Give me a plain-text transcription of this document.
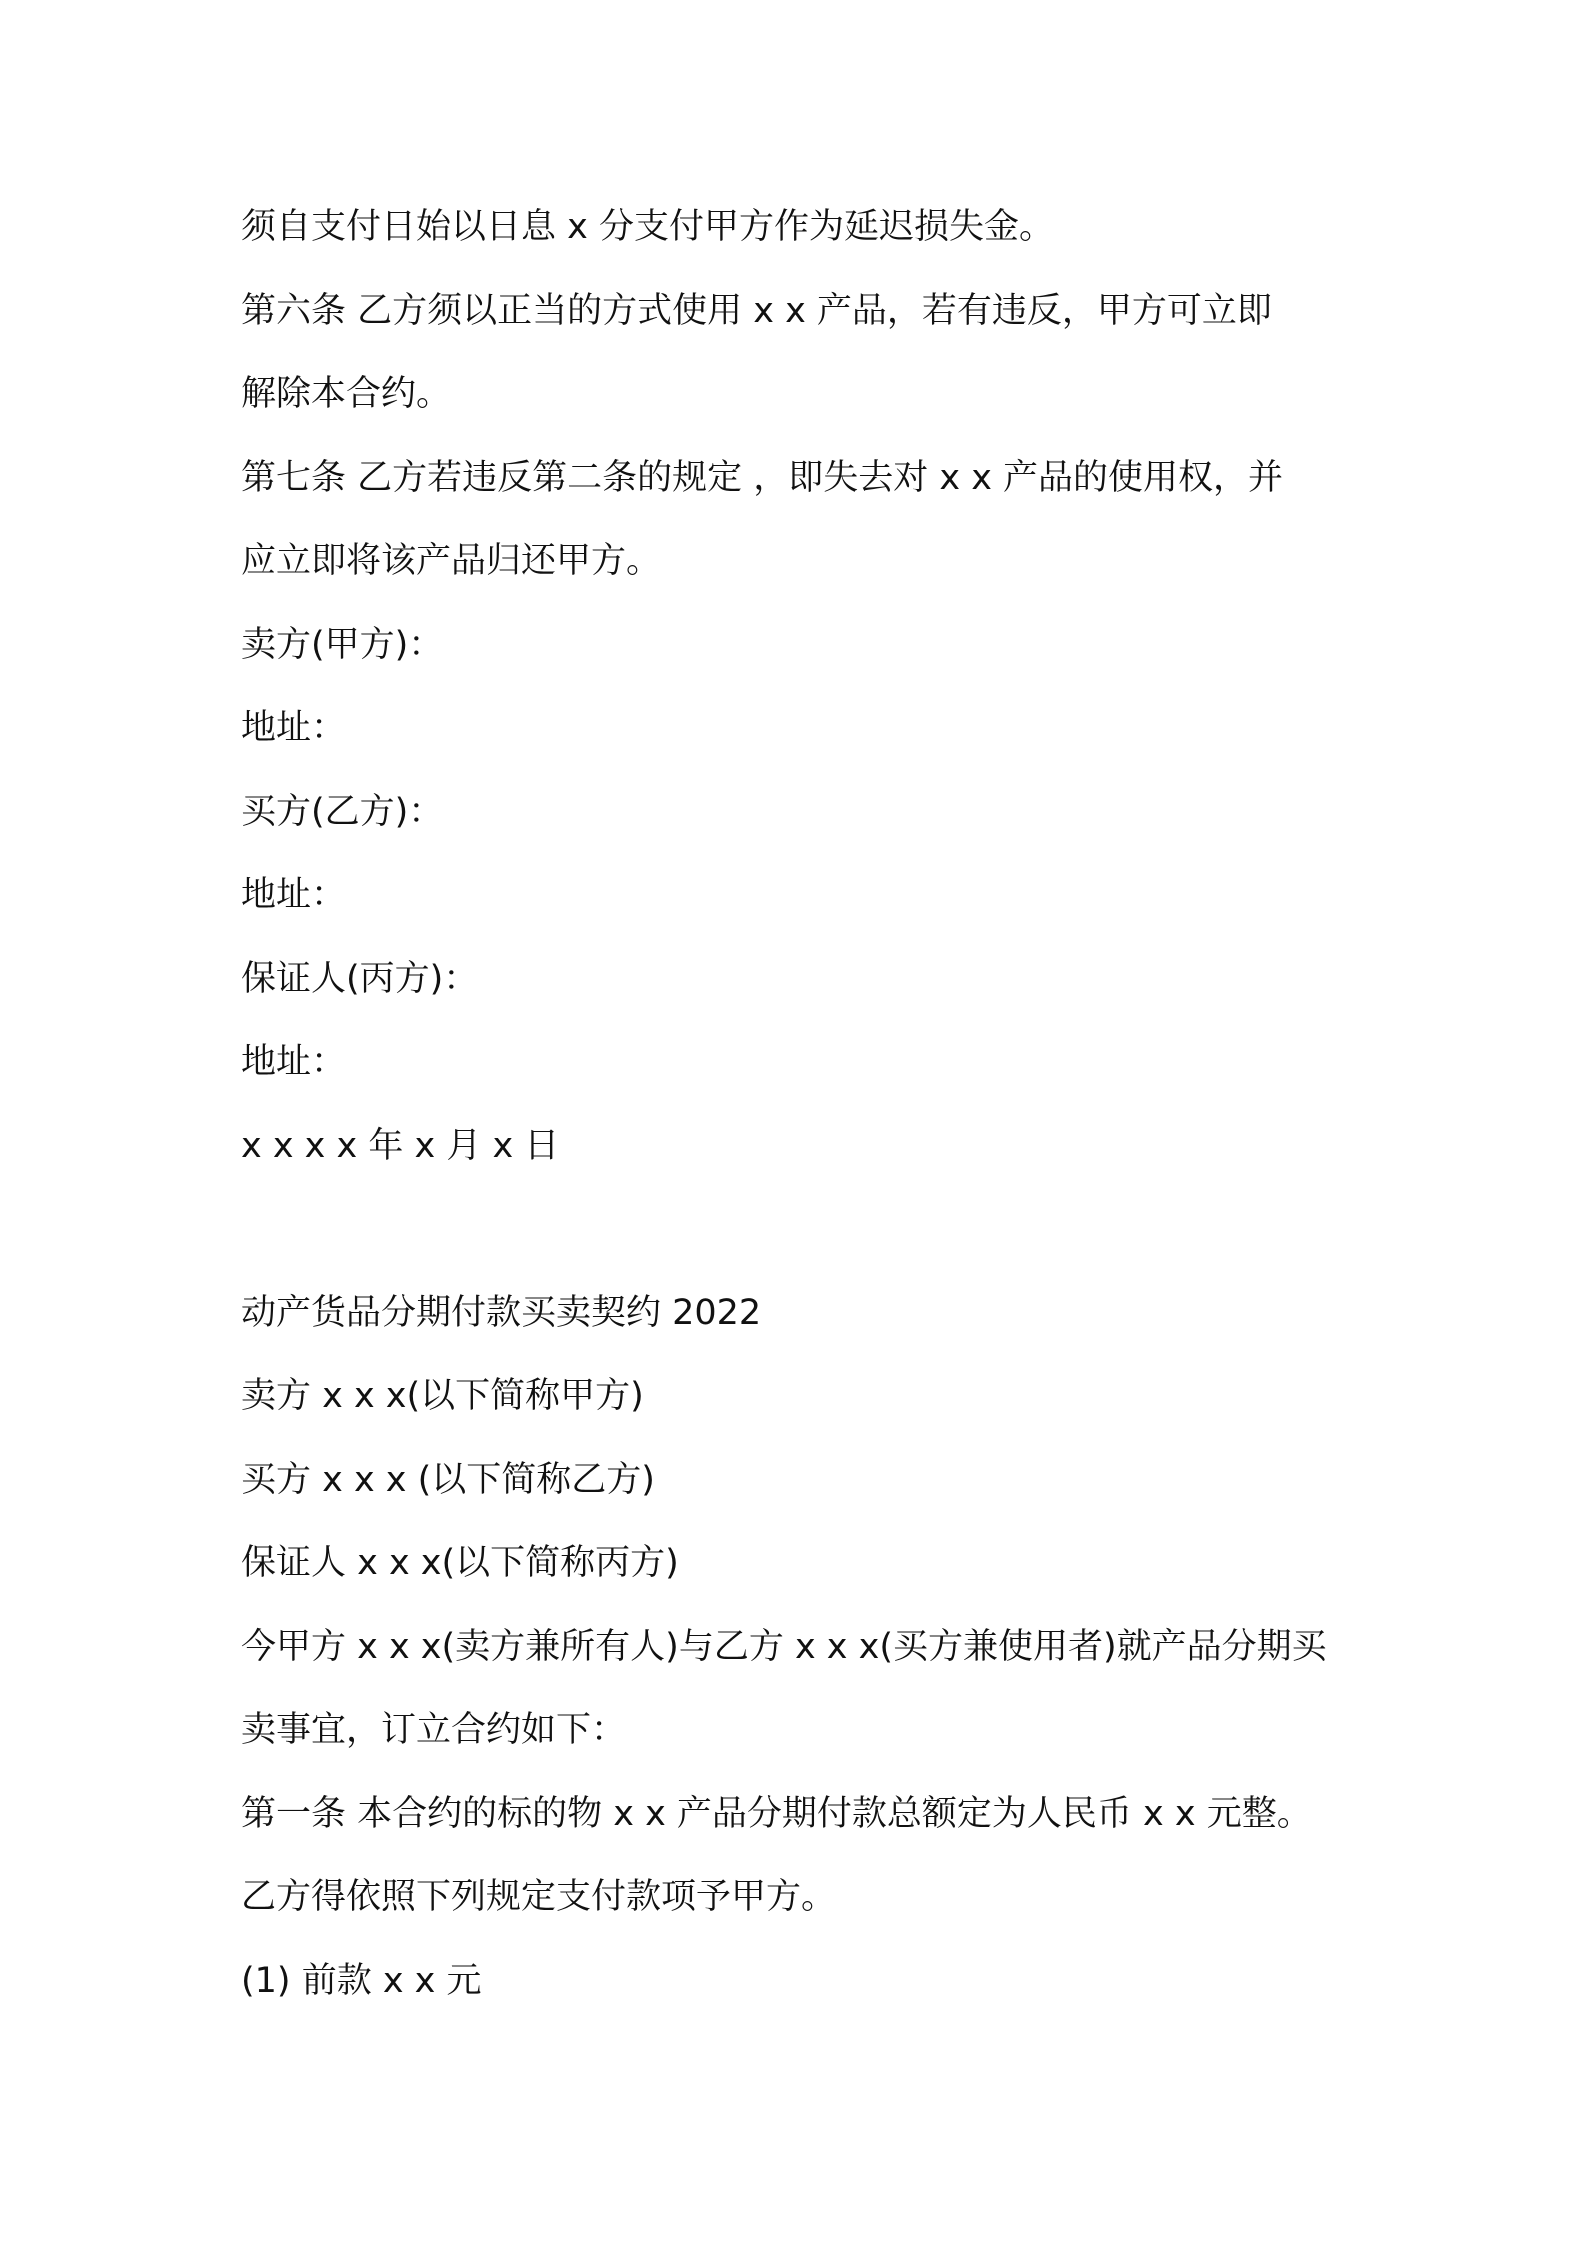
须自支付日始以日息 x 分支付甲方作为延迟损失金。
第六条 乙方须以正当的方式使用 x x 产品，若有违反，甲方可立即
解除本合约。
第七条 乙方若违反第二条的规定 ，即失去对 x x 产品的使用权，并
应立即将该产品归还甲方。
卖方(甲方)：
地址：
买方(乙方)：
地址：
保证人(丙方)：
地址：
x x x x 年 x 月 x 日
动产货品分期付款买卖契约 2022
卖方 x x x(以下简称甲方)
买方 x x x (以下简称乙方)
保证人 x x x(以下简称丙方)
今甲方 x x x(卖方兼所有人)与乙方 x x x(买方兼使用者)就产品分期买
卖事宜，订立合约如下：
第一条 本合约的标的物 x x 产品分期付款总额定为人民币 x x 元整。
乙方得依照下列规定支付款项予甲方。
(1) 前款 x x 元
